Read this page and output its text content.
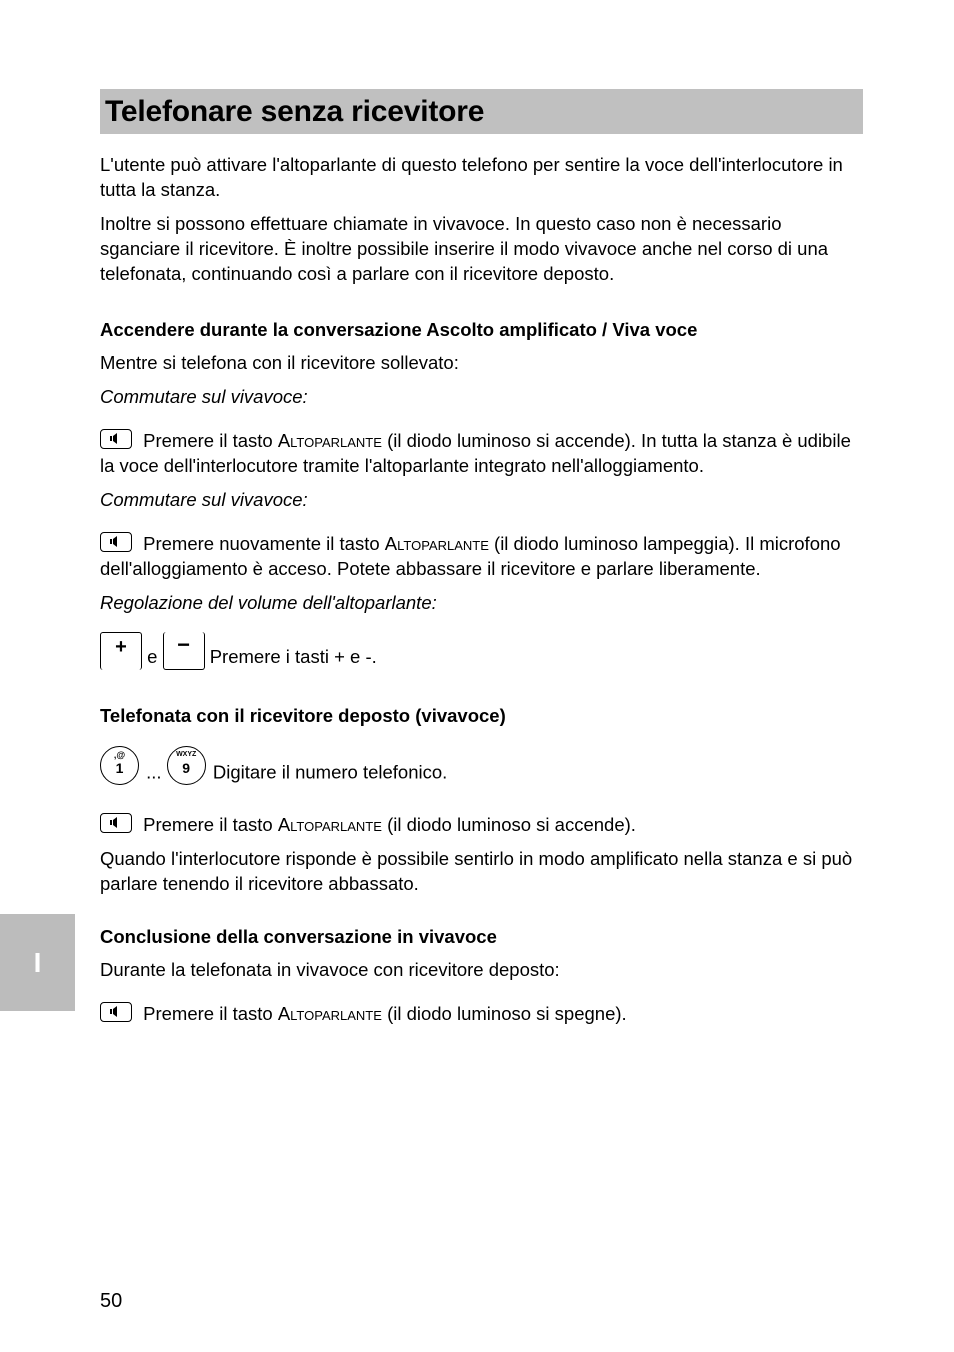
Telefonare senza ricevitore

L'utente può attivare l'altoparlante di questo telefono per sentire la voce dell'interlocutore in tutta la stanza.

Inoltre si possono effettuare chiamate in vivavoce. In questo caso non è necessario sganciare il ricevitore. È inoltre possibile inserire il modo vivavoce anche nel corso di una telefonata, continuando così a parlare con il ricevitore deposto.

Accendere durante la conversazione Ascolto amplificato / Viva voce

Mentre si telefona con il ricevitore sollevato:

Commutare sul vivavoce:

Premere il tasto Altoparlante (il diodo luminoso si accende). In tutta la stanza è udibile la voce dell'interlocutore tramite l'altoparlante integrato nell'alloggiamento.

Commutare sul vivavoce:

Premere nuovamente il tasto Altoparlante (il diodo luminoso lampeggia). Il microfono dell'alloggiamento è acceso. Potete abbassare il ricevitore e parlare liberamente.

Regolazione del volume dell'altoparlante:

+	e −	Premere i tasti + e -.

Telefonata con il ricevitore deposto (vivavoce)

,@
1	...
WXYZ
9	Digitare il numero telefonico.

Premere il tasto Altoparlante (il diodo luminoso si accende).

Quando l'interlocutore risponde è possibile sentirlo in modo amplificato nella stanza e si può parlare tenendo il ricevitore abbassato.

Conclusione della conversazione in vivavoce

Durante la telefonata in vivavoce con ricevitore deposto:

Premere il tasto Altoparlante (il diodo luminoso si spegne).

I
50
